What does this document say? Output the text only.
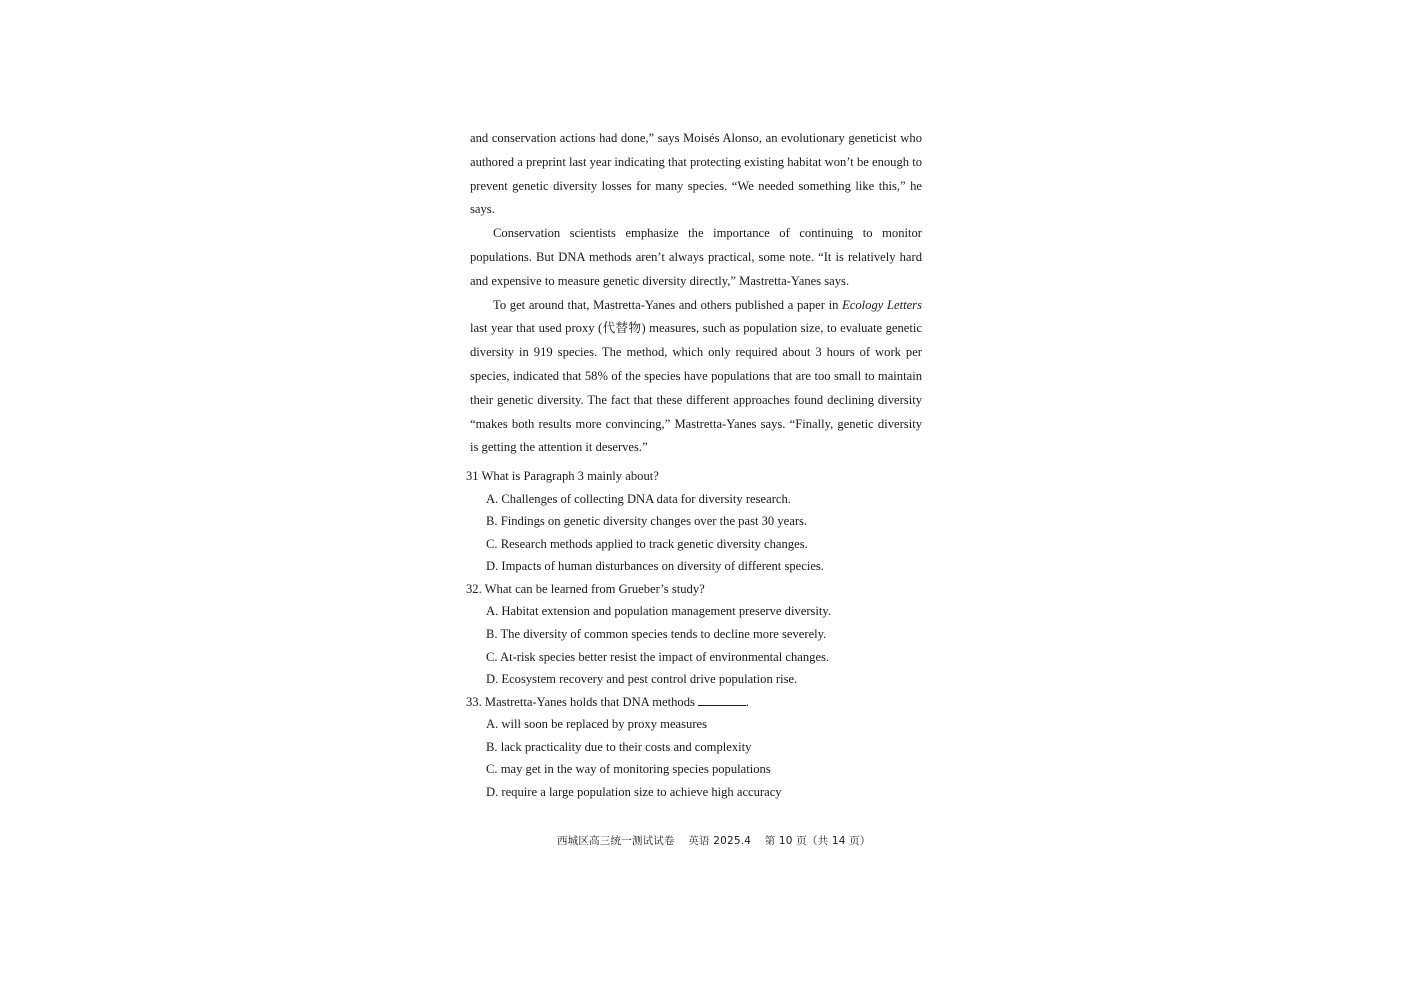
and conservation actions had done,” says Moisés Alonso, an evolutionary geneticist who authored a preprint last year indicating that protecting existing habitat won’t be enough to prevent genetic diversity losses for many species. “We needed something like this,” he says.

Conservation scientists emphasize the importance of continuing to monitor populations. But DNA methods aren’t always practical, some note. “It is relatively hard and expensive to measure genetic diversity directly,” Mastretta-Yanes says.

To get around that, Mastretta-Yanes and others published a paper in Ecology Letters last year that used proxy (代替物) measures, such as population size, to evaluate genetic diversity in 919 species. The method, which only required about 3 hours of work per species, indicated that 58% of the species have populations that are too small to maintain their genetic diversity. The fact that these different approaches found declining diversity “makes both results more convincing,” Mastretta-Yanes says. “Finally, genetic diversity is getting the attention it deserves.”

31 What is Paragraph 3 mainly about?
A. Challenges of collecting DNA data for diversity research.
B. Findings on genetic diversity changes over the past 30 years.
C. Research methods applied to track genetic diversity changes.
D. Impacts of human disturbances on diversity of different species.
32. What can be learned from Grueber’s study?
A. Habitat extension and population management preserve diversity.
B. The diversity of common species tends to decline more severely.
C. At-risk species better resist the impact of environmental changes.
D. Ecosystem recovery and pest control drive population rise.
33. Mastretta-Yanes holds that DNA methods	.
A. will soon be replaced by proxy measures
B. lack practicality due to their costs and complexity
C. may get in the way of monitoring species populations
D. require a large population size to achieve high accuracy
西城区高三统一测试试卷 英语 2025.4 第 10 页（共 14 页）
